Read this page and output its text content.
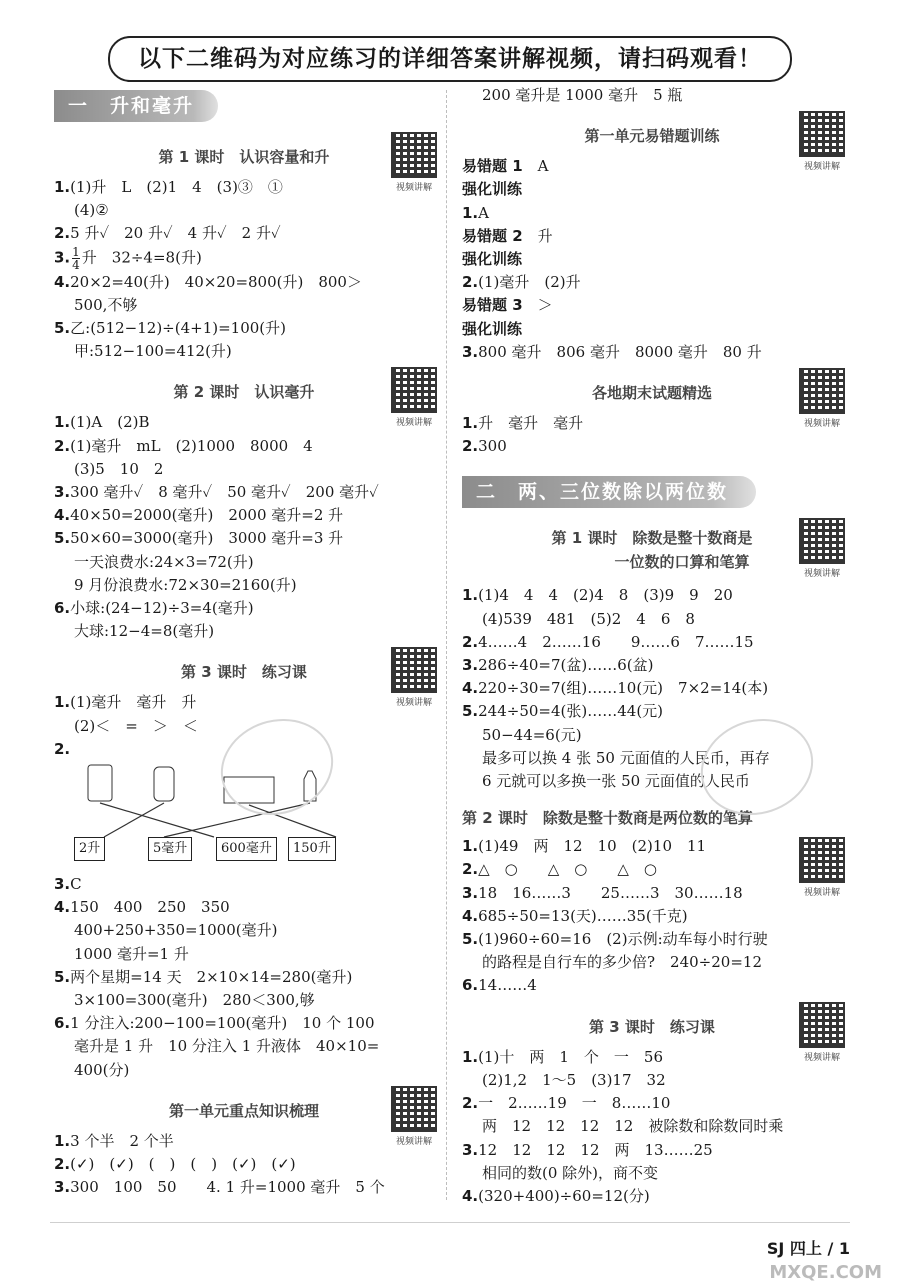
以下二维码为对应练习的详细答案讲解视频，请扫码观看！
一　升和毫升
第 1 课时　认识容量和升
视频讲解
1.(1)升　L　(2)1　4　(3)③　①
(4)②
2.5 升✓　20 升✓　4 升✓　2 升✓
3. $\frac{1}{4}$ 升　32÷4=8(升)
4.20×2=40(升)　40×20=800(升)　800＞
500,不够
5.乙:(512−12)÷(4+1)=100(升)
甲:512−100=412(升)
第 2 课时　认识毫升
视频讲解
1.(1)A　(2)B
2.(1)毫升　mL　(2)1000　8000　4
(3)5　10　2
3.300 毫升✓　8 毫升✓　50 毫升✓　200 毫升✓
4.40×50=2000(毫升)　2000 毫升=2 升
5.50×60=3000(毫升)　3000 毫升=3 升
一天浪费水:24×3=72(升)
9 月份浪费水:72×30=2160(升)
6.小球:(24−12)÷3=4(毫升)
大球:12−4=8(毫升)
第 3 课时　练习课
视频讲解
1.(1)毫升　毫升　升
(2)＜　=　＞　＜
2.
2升	5毫升	600毫升	150升
3.C
4.150　400　250　350
400+250+350=1000(毫升)
1000 毫升=1 升
5.两个星期=14 天　2×10×14=280(毫升)
3×100=300(毫升)　280＜300,够
6.1 分注入:200−100=100(毫升)　10 个 100
毫升是 1 升　10 分注入 1 升液体　40×10=
400(分)
第一单元重点知识梳理
视频讲解
1.3 个半　2 个半
2.(✓)　(✓)　(　)　(　)　(✓)　(✓)
3.300　100　50　　4. 1 升=1000 毫升　5 个
200 毫升是 1000 毫升　5 瓶
第一单元易错题训练
视频讲解
易错题 1　A
强化训练
1.A
易错题 2　升
强化训练
2.(1)毫升　(2)升
易错题 3　＞
强化训练
3.800 毫升　806 毫升　8000 毫升　80 升
各地期末试题精选
视频讲解
1.升　毫升　毫升
2.300
二　两、三位数除以两位数
第 1 课时　除数是整十数商是
一位数的口算和笔算
视频讲解
1.(1)4　4　4　(2)4　8　(3)9　9　20
(4)539　481　(5)2　4　6　8
2.4……4　2……16　　9……6　7……15
3.286÷40=7(盆)……6(盆)
4.220÷30=7(组)……10(元)　7×2=14(本)
5.244÷50=4(张)……44(元)
50−44=6(元)
最多可以换 4 张 50 元面值的人民币，再存
6 元就可以多换一张 50 元面值的人民币
第 2 课时　除数是整十数商是两位数的笔算
视频讲解
1.(1)49　两　12　10　(2)10　11
2.△　○　　△　○　　△　○
3.18　16……3　　25……3　30……18
4.685÷50=13(天)……35(千克)
5.(1)960÷60=16　(2)示例:动车每小时行驶
的路程是自行车的多少倍?　240÷20=12
6.14……4
第 3 课时　练习课
视频讲解
1.(1)十　两　1　个　一　56
(2)1,2　1～5　(3)17　32
2.一　2……19　一　8……10
两　12　12　12　12　被除数和除数同时乘
3.12　12　12　12　两　13……25
相同的数(0 除外)，商不变
4.(320+400)÷60=12(分)
SJ 四上 / 1
MXQE.COM
